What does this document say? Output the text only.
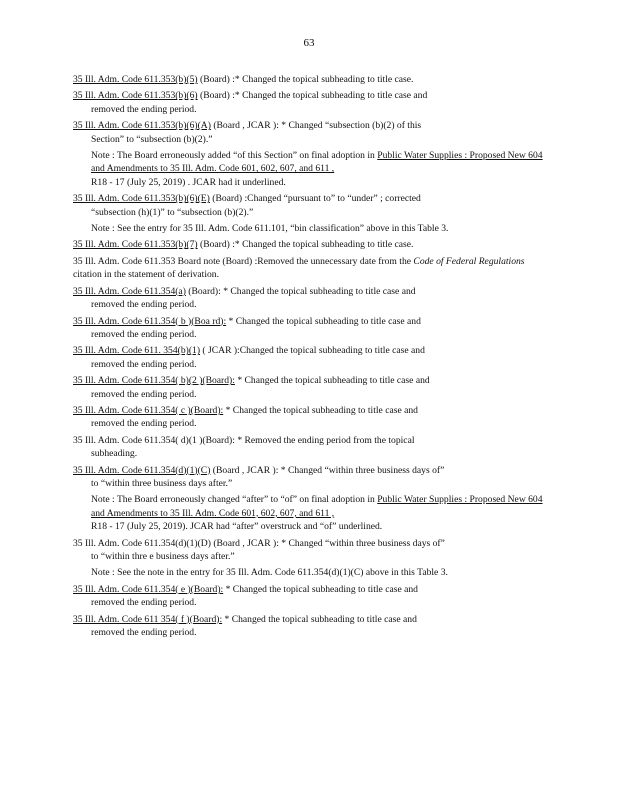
63
35 Ill. Adm. Code 611.353(b)(5) (Board) :* Changed the topical subheading to title case.
35 Ill. Adm. Code 611.353(b)(6) (Board) :* Changed the topical subheading to title case and
removed the ending period.
35 Ill. Adm. Code 611.353(b)(6)(A) (Board , JCAR ): * Changed “subsection (b)(2) of this
Section” to “subsection (b)(2).”
Note : The Board erroneously added “of this Section” on final adoption in Public Water Supplies : Proposed New 604 and Amendments to 35 Ill. Adm. Code 601, 602, 607, and 611 ,
R18 - 17 (July 25, 2019) . JCAR had it underlined.
35 Ill. Adm. Code 611.353(b)(6)(E) (Board) :Changed “pursuant to” to “under” ; corrected
“subsection (h)(1)” to “subsection (b)(2).”
Note : See the entry for 35 Ill. Adm. Code 611.101, “bin classification” above in this Table 3.
35 Ill. Adm. Code 611.353(b)(7) (Board) :* Changed the topical subheading to title case.
35 Ill. Adm. Code 611.353 Board note (Board) :Removed the unnecessary date from the Code of Federal Regulations citation in the statement of derivation.
35 Ill. Adm. Code 611.354(a) (Board): * Changed the topical subheading to title case and
removed the ending period.
35 Ill. Adm. Code 611.354( b )(Boa rd): * Changed the topical subheading to title case and
removed the ending period.
35 Ill. Adm. Code 611. 354(b)(1) ( JCAR ):Changed the topical subheading to title case and
removed the ending period.
35 Ill. Adm. Code 611.354( b)(2 )(Board): * Changed the topical subheading to title case and
removed the ending period.
35 Ill. Adm. Code 611.354( c )(Board): * Changed the topical subheading to title case and
removed the ending period.
35 Ill. Adm. Code 611.354( d)(1 )(Board): * Removed the ending period from the topical
subheading.
35 Ill. Adm. Code 611.354(d)(1)(C) (Board , JCAR ): * Changed “within three business days of”
to “within three business days after.”
Note : The Board erroneously changed “after” to “of” on final adoption in Public Water Supplies : Proposed New 604 and Amendments to 35 Ill. Adm. Code 601, 602, 607, and 611 ,
R18 - 17 (July 25, 2019). JCAR had “after” overstruck and “of” underlined.
35 Ill. Adm. Code 611.354(d)(1)(D) (Board , JCAR ): * Changed “within three business days of”
to “within thre e business days after.”
Note : See the note in the entry for 35 Ill. Adm. Code 611.354(d)(1)(C) above in this Table 3.
35 Ill. Adm. Code 611.354( e )(Board): * Changed the topical subheading to title case and
removed the ending period.
35 Ill. Adm. Code 611 354( f )(Board): * Changed the topical subheading to title case and
removed the ending period.
